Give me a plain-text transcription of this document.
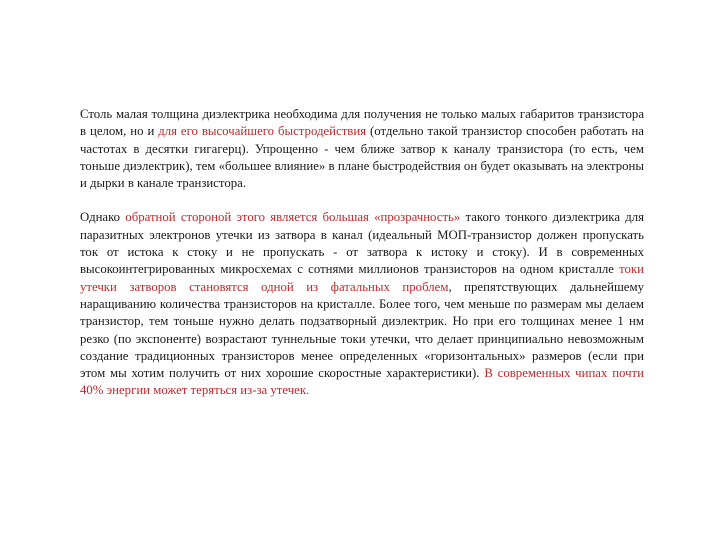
Столь малая толщина диэлектрика необходима для получения не только малых габаритов транзистора в целом, но и для его высочайшего быстродействия (отдельно такой транзистор способен работать на частотах в десятки гигагерц). Упрощенно - чем ближе затвор к каналу транзистора (то есть, чем тоньше диэлектрик), тем «большее влияние» в плане быстродействия он будет оказывать на электроны и дырки в канале транзистора.

Однако обратной стороной этого является большая «прозрачность» такого тонкого диэлектрика для паразитных электронов утечки из затвора в канал (идеальный МОП-транзистор должен пропускать ток от истока к стоку и не пропускать - от затвора к истоку и стоку). И в современных высокоинтегрированных микросхемах с сотнями миллионов транзисторов на одном кристалле токи утечки затворов становятся одной из фатальных проблем, препятствующих дальнейшему наращиванию количества транзисторов на кристалле. Более того, чем меньше по размерам мы делаем транзистор, тем тоньше нужно делать подзатворный диэлектрик. Но при его толщинах менее 1 нм резко (по экспоненте) возрастают туннельные токи утечки, что делает принципиально невозможным создание традиционных транзисторов менее определенных «горизонтальных» размеров (если при этом мы хотим получить от них хорошие скоростные характеристики). В современных чипах почти 40% энергии может теряться из-за утечек.
